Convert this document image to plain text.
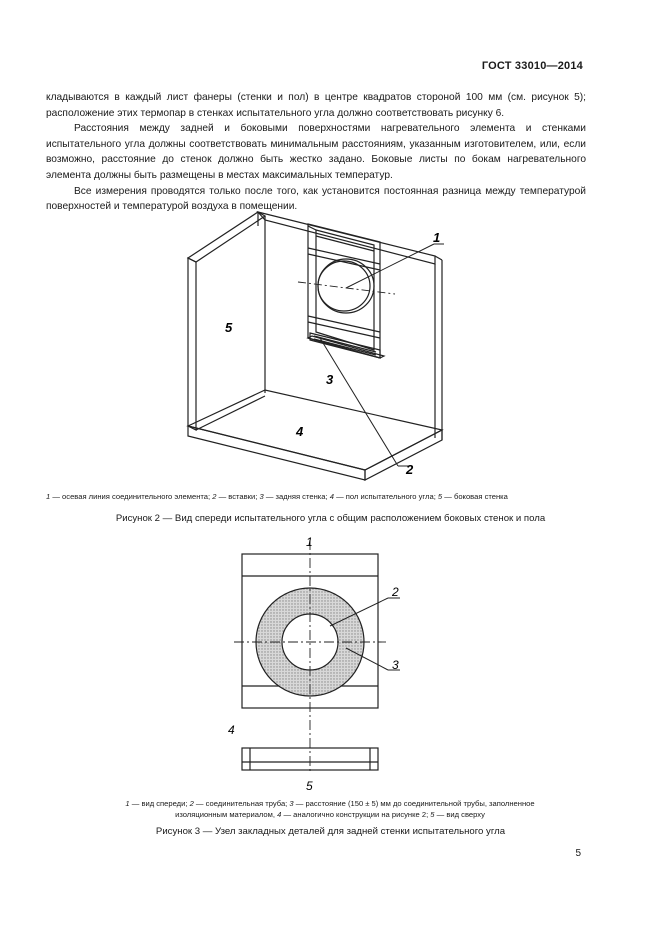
ГОСТ 33010—2014

кладываются в каждый лист фанеры (стенки и пол) в центре квадратов стороной 100 мм (см. рисунок 5); расположение этих термопар в стенках испытательного угла должно соответствовать рисунку 6.

Расстояния между задней и боковыми поверхностями нагревательного элемента и стенками испытательного угла должны соответствовать минимальным расстояниям, указанным изготовителем, или, если возможно, расстояние до стенок должно быть жестко задано. Боковые листы по бокам нагревательного элемента должны быть размещены в местах максимальных температур.

Все измерения проводятся только после того, как установится постоянная разница между температурой поверхностей и температурой воздуха в помещении.

1
2
3
4
5
1 — осевая линия соединительного элемента; 2 — вставки; 3 — задняя стенка; 4 — пол испытательного угла; 5 — боковая стенка
Рисунок 2 — Вид спереди испытательного угла с общим расположением боковых стенок и пола
1
2
3
4
5
1 — вид спереди; 2 — соединительная труба; 3 — расстояние (150 ± 5) мм до соединительной трубы, заполненное
изоляционным материалом, 4 — аналогично конструкции на рисунке 2; 5 — вид сверху
Рисунок 3 — Узел закладных деталей для задней стенки испытательного угла
5
